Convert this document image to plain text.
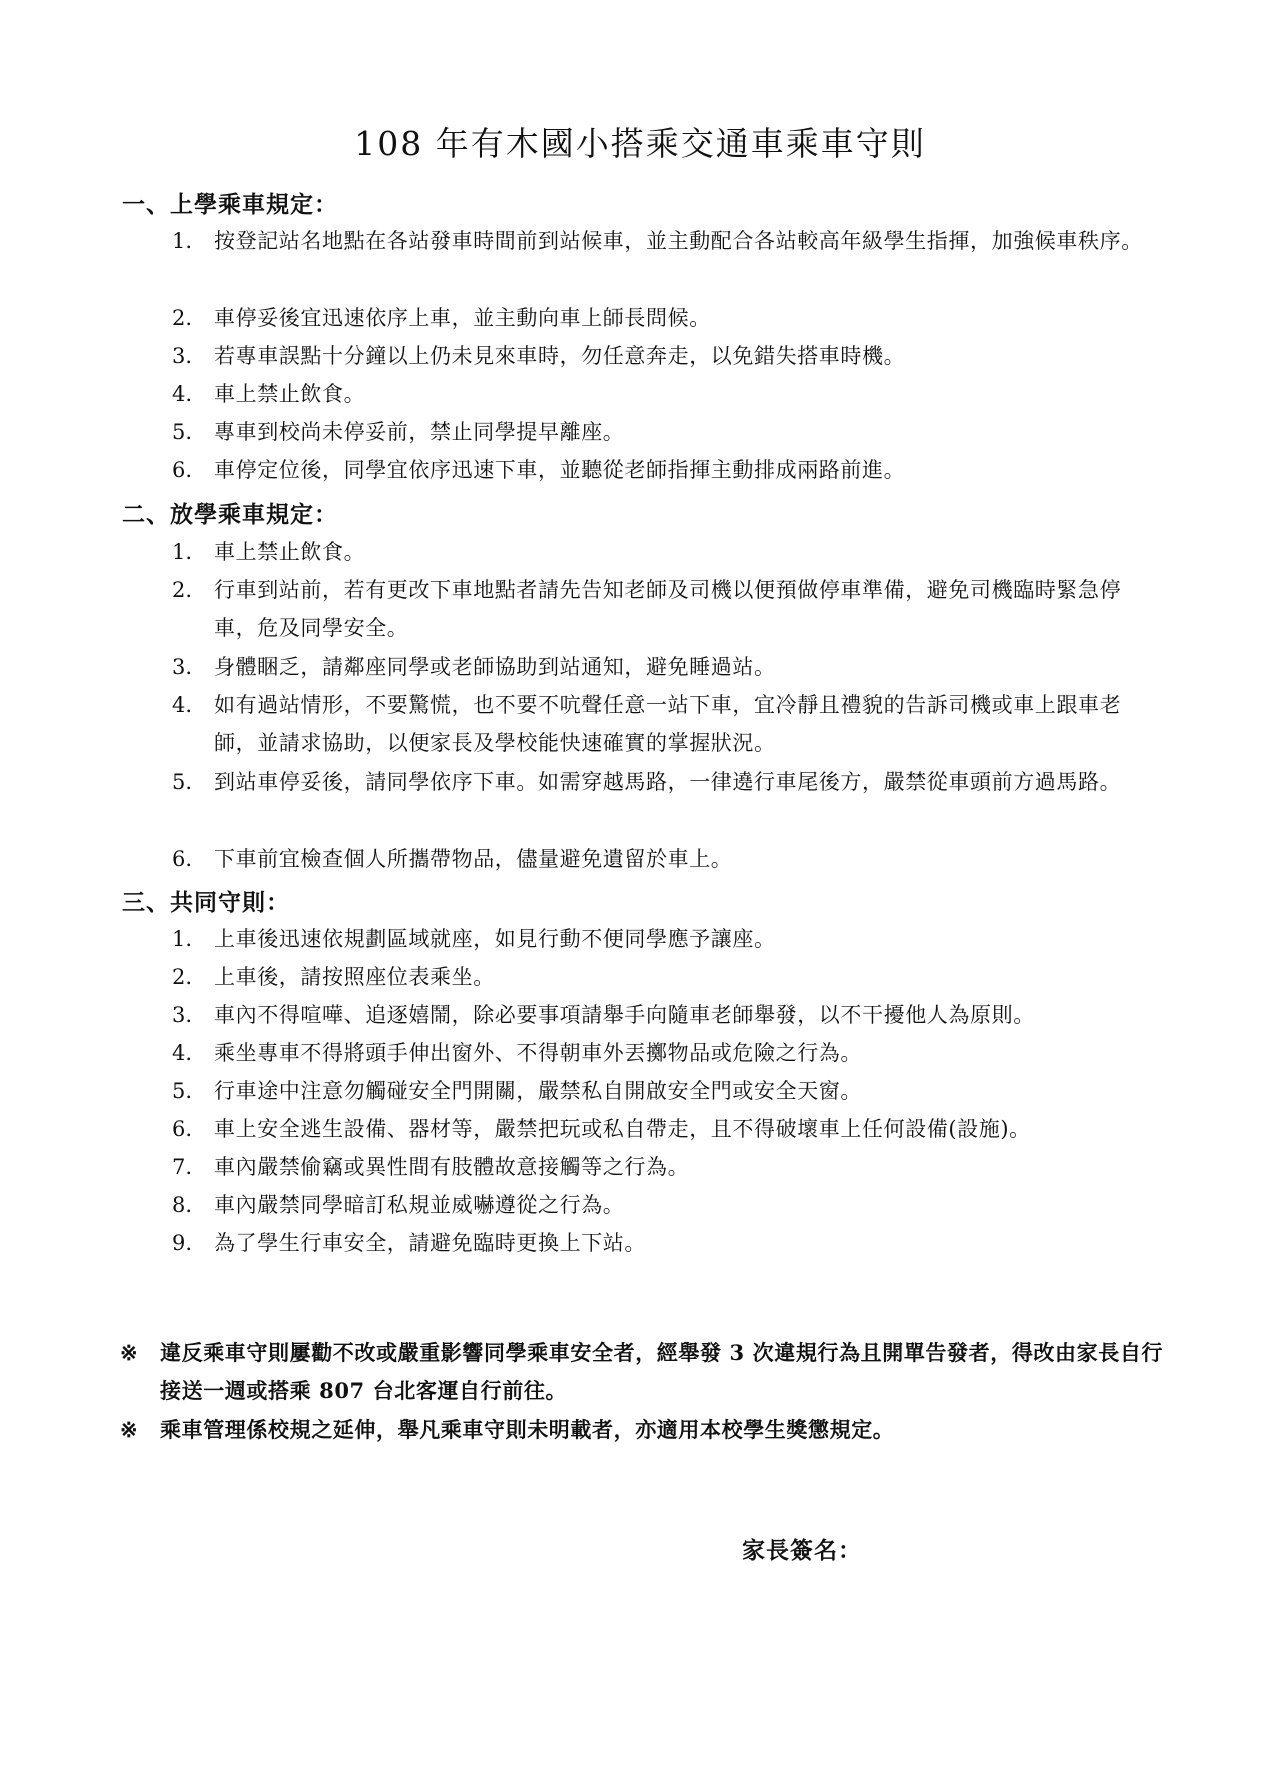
108 年有木國小搭乘交通車乘車守則
一、上學乘車規定：
1.	按登記站名地點在各站發車時間前到站候車，並主動配合各站較高年級學生指揮，加強候車秩序。
2.	車停妥後宜迅速依序上車，並主動向車上師長問候。
3.	若專車誤點十分鐘以上仍未見來車時，勿任意奔走，以免錯失搭車時機。
4.	車上禁止飲食。
5.	專車到校尚未停妥前，禁止同學提早離座。
6.	車停定位後，同學宜依序迅速下車，並聽從老師指揮主動排成兩路前進。
二、放學乘車規定：
1.	車上禁止飲食。
2.	行車到站前，若有更改下車地點者請先告知老師及司機以便預做停車準備，避免司機臨時緊急停車，危及同學安全。
3.	身體睏乏，請鄰座同學或老師協助到站通知，避免睡過站。
4.	如有過站情形，不要驚慌，也不要不吭聲任意一站下車，宜冷靜且禮貌的告訴司機或車上跟車老師，並請求協助，以便家長及學校能快速確實的掌握狀況。
5.	到站車停妥後，請同學依序下車。如需穿越馬路，一律遶行車尾後方，嚴禁從車頭前方過馬路。
6.	下車前宜檢查個人所攜帶物品，儘量避免遺留於車上。
三、共同守則：
1.	上車後迅速依規劃區域就座，如見行動不便同學應予讓座。
2.	上車後，請按照座位表乘坐。
3.	車內不得喧嘩、追逐嬉鬧，除必要事項請舉手向隨車老師舉發，以不干擾他人為原則。
4.	乘坐專車不得將頭手伸出窗外、不得朝車外丟擲物品或危險之行為。
5.	行車途中注意勿觸碰安全門開關，嚴禁私自開啟安全門或安全天窗。
6.	車上安全逃生設備、器材等，嚴禁把玩或私自帶走，且不得破壞車上任何設備(設施)。
7.	車內嚴禁偷竊或異性間有肢體故意接觸等之行為。
8.	車內嚴禁同學暗訂私規並威嚇遵從之行為。
9.	為了學生行車安全，請避免臨時更換上下站。
※	違反乘車守則屢勸不改或嚴重影響同學乘車安全者，經舉發 3 次違規行為且開單告發者，得改由家長自行接送一週或搭乘 807 台北客運自行前往。
※	乘車管理係校規之延伸，舉凡乘車守則未明載者，亦適用本校學生獎懲規定。
家長簽名：
